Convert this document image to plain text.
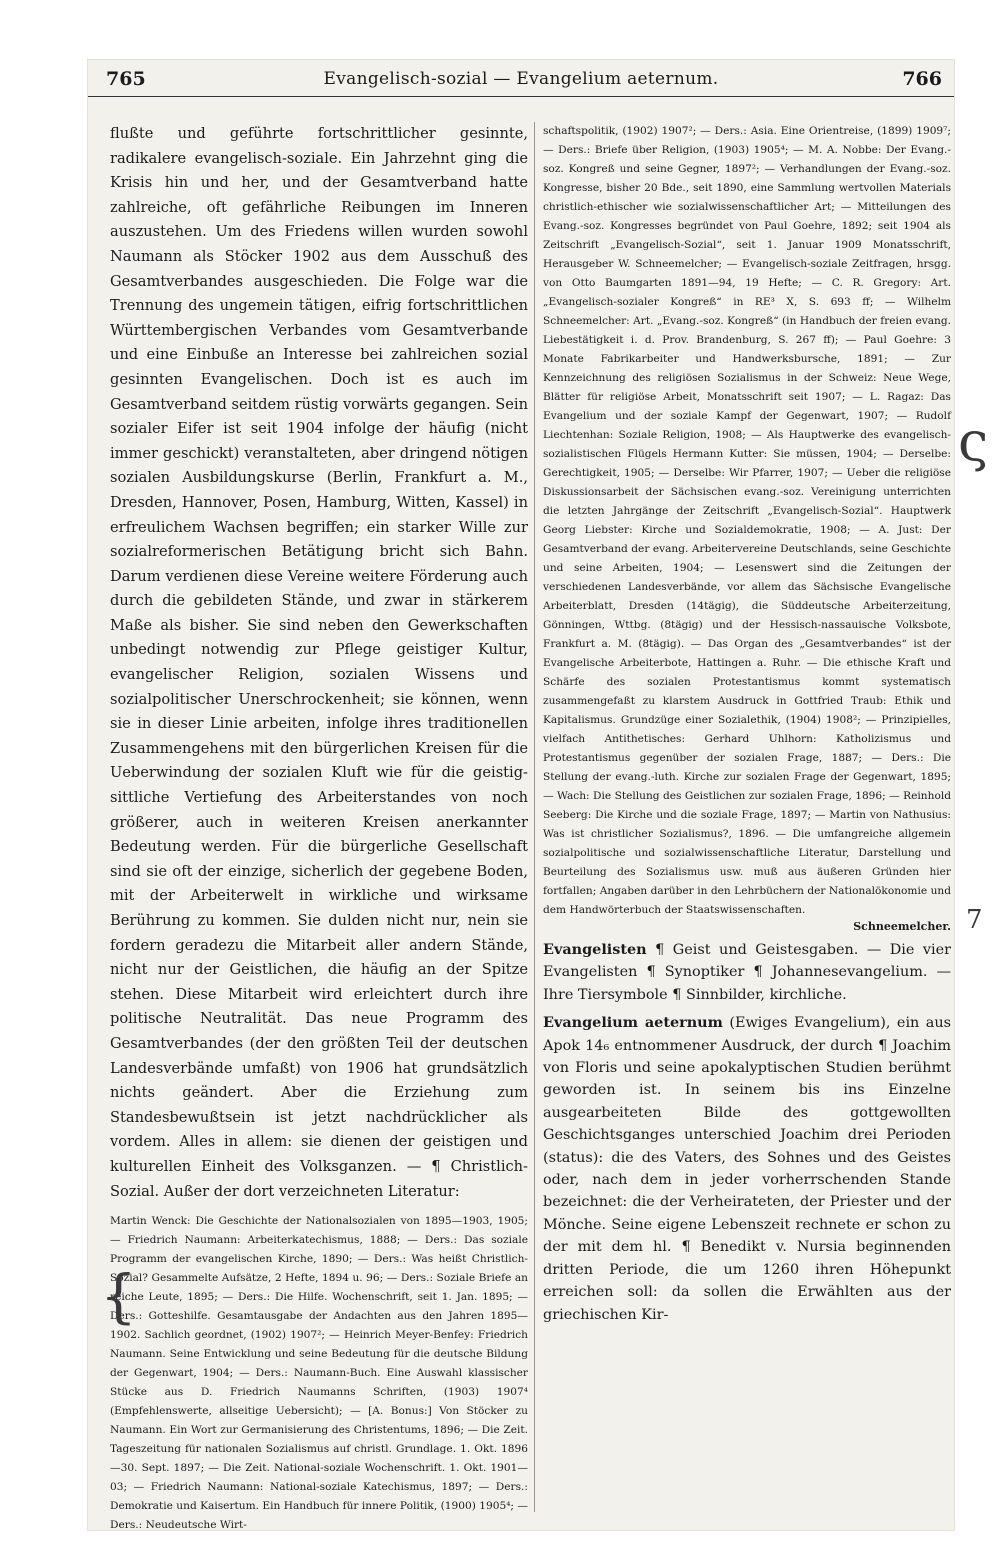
765	Evangelisch-sozial — Evangelium aeternum.	766

flußte und geführte fortschrittlicher gesinnte, radikalere evangelisch-soziale. Ein Jahrzehnt ging die Krisis hin und her, und der Gesamtverband hatte zahlreiche, oft gefährliche Reibungen im Inneren auszustehen. Um des Friedens willen wurden sowohl Naumann als Stöcker 1902 aus dem Ausschuß des Gesamtverbandes ausgeschieden. Die Folge war die Trennung des ungemein tätigen, eifrig fortschrittlichen Württembergischen Verbandes vom Gesamtverbande und eine Einbuße an Interesse bei zahlreichen sozial gesinnten Evangelischen. Doch ist es auch im Gesamtverband seitdem rüstig vorwärts gegangen. Sein sozialer Eifer ist seit 1904 infolge der häufig (nicht immer geschickt) veranstalteten, aber dringend nötigen sozialen Ausbildungskurse (Berlin, Frankfurt a. M., Dresden, Hannover, Posen, Hamburg, Witten, Kassel) in erfreulichem Wachsen begriffen; ein starker Wille zur sozialreformerischen Betätigung bricht sich Bahn. Darum verdienen diese Vereine weitere Förderung auch durch die gebildeten Stände, und zwar in stärkerem Maße als bisher. Sie sind neben den Gewerkschaften unbedingt notwendig zur Pflege geistiger Kultur, evangelischer Religion, sozialen Wissens und sozialpolitischer Unerschrockenheit; sie können, wenn sie in dieser Linie arbeiten, infolge ihres traditionellen Zusammengehens mit den bürgerlichen Kreisen für die Ueberwindung der sozialen Kluft wie für die geistig-sittliche Vertiefung des Arbeiterstandes von noch größerer, auch in weiteren Kreisen anerkannter Bedeutung werden. Für die bürgerliche Gesellschaft sind sie oft der einzige, sicherlich der gegebene Boden, mit der Arbeiterwelt in wirkliche und wirksame Berührung zu kommen. Sie dulden nicht nur, nein sie fordern geradezu die Mitarbeit aller andern Stände, nicht nur der Geistlichen, die häufig an der Spitze stehen. Diese Mitarbeit wird erleichtert durch ihre politische Neutralität. Das neue Programm des Gesamtverbandes (der den größten Teil der deutschen Landesverbände umfaßt) von 1906 hat grundsätzlich nichts geändert. Aber die Erziehung zum Standesbewußtsein ist jetzt nachdrücklicher als vordem. Alles in allem: sie dienen der geistigen und kulturellen Einheit des Volksganzen. — ¶ Christlich-Sozial. Außer der dort verzeichneten Literatur:

Martin Wenck: Die Geschichte der Nationalsozialen von 1895—1903, 1905; — Friedrich Naumann: Arbeiterkatechismus, 1888; — Ders.: Das soziale Programm der evangelischen Kirche, 1890; — Ders.: Was heißt Christlich-Sozial? Gesammelte Aufsätze, 2 Hefte, 1894 u. 96; — Ders.: Soziale Briefe an reiche Leute, 1895; — Ders.: Die Hilfe. Wochenschrift, seit 1. Jan. 1895; — Ders.: Gotteshilfe. Gesamtausgabe der Andachten aus den Jahren 1895—1902. Sachlich geordnet, (1902) 1907²; — Heinrich Meyer-Benfey: Friedrich Naumann. Seine Entwicklung und seine Bedeutung für die deutsche Bildung der Gegenwart, 1904; — Ders.: Naumann-Buch. Eine Auswahl klassischer Stücke aus D. Friedrich Naumanns Schriften, (1903) 1907⁴ (Empfehlenswerte, allseitige Uebersicht); — [A. Bonus:] Von Stöcker zu Naumann. Ein Wort zur Germanisierung des Christentums, 1896; — Die Zeit. Tageszeitung für nationalen Sozialismus auf christl. Grundlage. 1. Okt. 1896—30. Sept. 1897; — Die Zeit. National-soziale Wochenschrift. 1. Okt. 1901—03; — Friedrich Naumann: National-soziale Katechismus, 1897; — Ders.: Demokratie und Kaisertum. Ein Handbuch für innere Politik, (1900) 1905⁴; — Ders.: Neudeutsche Wirt-

schaftspolitik, (1902) 1907²; — Ders.: Asia. Eine Orientreise, (1899) 1909⁷; — Ders.: Briefe über Religion, (1903) 1905⁴; — M. A. Nobbe: Der Evang.-soz. Kongreß und seine Gegner, 1897²; — Verhandlungen der Evang.-soz. Kongresse, bisher 20 Bde., seit 1890, eine Sammlung wertvollen Materials christlich-ethischer wie sozialwissenschaftlicher Art; — Mitteilungen des Evang.-soz. Kongresses begründet von Paul Goehre, 1892; seit 1904 als Zeitschrift „Evangelisch-Sozial“, seit 1. Januar 1909 Monatsschrift, Herausgeber W. Schneemelcher; — Evangelisch-soziale Zeitfragen, hrsgg. von Otto Baumgarten 1891—94, 19 Hefte; — C. R. Gregory: Art. „Evangelisch-sozialer Kongreß“ in RE³ X, S. 693 ff; — Wilhelm Schneemelcher: Art. „Evang.-soz. Kongreß“ (in Handbuch der freien evang. Liebestätigkeit i. d. Prov. Brandenburg, S. 267 ff); — Paul Goehre: 3 Monate Fabrikarbeiter und Handwerksbursche, 1891; — Zur Kennzeichnung des religiösen Sozialismus in der Schweiz: Neue Wege, Blätter für religiöse Arbeit, Monatsschrift seit 1907; — L. Ragaz: Das Evangelium und der soziale Kampf der Gegenwart, 1907; — Rudolf Liechtenhan: Soziale Religion, 1908; — Als Hauptwerke des evangelisch-sozialistischen Flügels Hermann Kutter: Sie müssen, 1904; — Derselbe: Gerechtigkeit, 1905; — Derselbe: Wir Pfarrer, 1907; — Ueber die religiöse Diskussionsarbeit der Sächsischen evang.-soz. Vereinigung unterrichten die letzten Jahrgänge der Zeitschrift „Evangelisch-Sozial“. Hauptwerk Georg Liebster: Kirche und Sozialdemokratie, 1908; — A. Just: Der Gesamtverband der evang. Arbeitervereine Deutschlands, seine Geschichte und seine Arbeiten, 1904; — Lesenswert sind die Zeitungen der verschiedenen Landesverbände, vor allem das Sächsische Evangelische Arbeiterblatt, Dresden (14tägig), die Süddeutsche Arbeiterzeitung, Gönningen, Wttbg. (8tägig) und der Hessisch-nassauische Volksbote, Frankfurt a. M. (8tägig). — Das Organ des „Gesamtverbandes“ ist der Evangelische Arbeiterbote, Hattingen a. Ruhr. — Die ethische Kraft und Schärfe des sozialen Protestantismus kommt systematisch zusammengefaßt zu klarstem Ausdruck in Gottfried Traub: Ethik und Kapitalismus. Grundzüge einer Sozialethik, (1904) 1908²; — Prinzipielles, vielfach Antithetisches: Gerhard Uhlhorn: Katholizismus und Protestantismus gegenüber der sozialen Frage, 1887; — Ders.: Die Stellung der evang.-luth. Kirche zur sozialen Frage der Gegenwart, 1895; — Wach: Die Stellung des Geistlichen zur sozialen Frage, 1896; — Reinhold Seeberg: Die Kirche und die soziale Frage, 1897; — Martin von Nathusius: Was ist christlicher Sozialismus?, 1896. — Die umfangreiche allgemein sozialpolitische und sozialwissenschaftliche Literatur, Darstellung und Beurteilung des Sozialismus usw. muß aus äußeren Gründen hier fortfallen; Angaben darüber in den Lehrbüchern der Nationalökonomie und dem Handwörterbuch der Staatswissenschaften.

Schneemelcher.

Evangelisten ¶ Geist und Geistesgaben. — Die vier Evangelisten ¶ Synoptiker ¶ Johannesevangelium. — Ihre Tiersymbole ¶ Sinnbilder, kirchliche.

Evangelium aeternum (Ewiges Evangelium), ein aus Apok 14₆ entnommener Ausdruck, der durch ¶ Joachim von Floris und seine apokalyptischen Studien berühmt geworden ist. In seinem bis ins Einzelne ausgearbeiteten Bilde des gottgewollten Geschichtsganges unterschied Joachim drei Perioden (status): die des Vaters, des Sohnes und des Geistes oder, nach dem in jeder vorherrschenden Stande bezeichnet: die der Verheirateten, der Priester und der Mönche. Seine eigene Lebenszeit rechnete er schon zu der mit dem hl. ¶ Benedikt v. Nursia beginnenden dritten Periode, die um 1260 ihren Höhepunkt erreichen soll: da sollen die Erwählten aus der griechischen Kir-

ς
7
{
